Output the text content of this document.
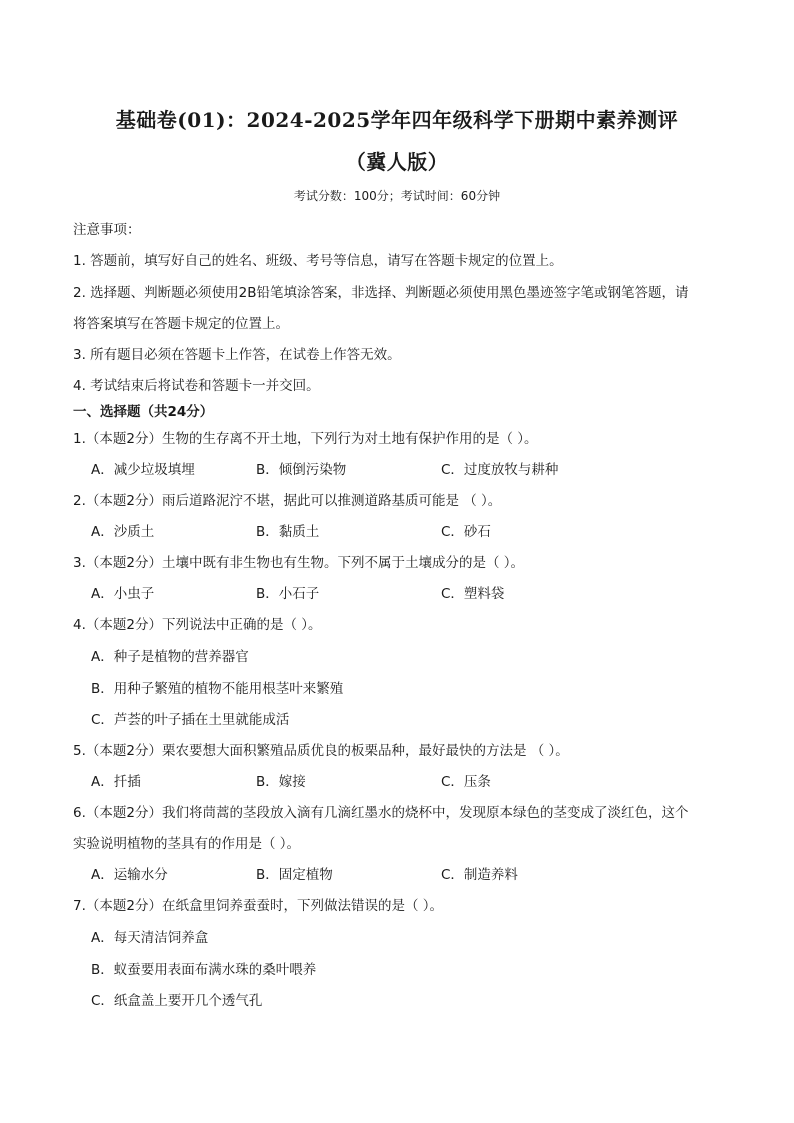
基础卷(01)：2024-2025学年四年级科学下册期中素养测评
（冀人版）
考试分数：100分；考试时间：60分钟
注意事项：
1. 答题前，填写好自己的姓名、班级、考号等信息，请写在答题卡规定的位置上。
2. 选择题、判断题必须使用2B铅笔填涂答案，非选择、判断题必须使用黑色墨迹签字笔或钢笔答题，请
将答案填写在答题卡规定的位置上。
3. 所有题目必须在答题卡上作答，在试卷上作答无效。
4. 考试结束后将试卷和答题卡一并交回。
一、选择题（共24分）
1.（本题2分）生物的生存离不开土地，下列行为对土地有保护作用的是（ ）。
A．减少垃圾填埋	B．倾倒污染物	C．过度放牧与耕种
2.（本题2分）雨后道路泥泞不堪，据此可以推测道路基质可能是 （ ）。
A．沙质土	B．黏质土	C．砂石
3.（本题2分）土壤中既有非生物也有生物。下列不属于土壤成分的是（ ）。
A．小虫子	B．小石子	C．塑料袋
4.（本题2分）下列说法中正确的是（ ）。
A．种子是植物的营养器官
B．用种子繁殖的植物不能用根茎叶来繁殖
C．芦荟的叶子插在土里就能成活
5.（本题2分）栗农要想大面积繁殖品质优良的板栗品种，最好最快的方法是 （ ）。
A．扦插	B．嫁接	C．压条
6.（本题2分）我们将茼蒿的茎段放入滴有几滴红墨水的烧杯中，发现原本绿色的茎变成了淡红色，这个
实验说明植物的茎具有的作用是（ ）。
A．运输水分	B．固定植物	C．制造养料
7.（本题2分）在纸盒里饲养蚕蚕时，下列做法错误的是（ ）。
A．每天清洁饲养盒
B．蚁蚕要用表面布满水珠的桑叶喂养
C．纸盒盖上要开几个透气孔
